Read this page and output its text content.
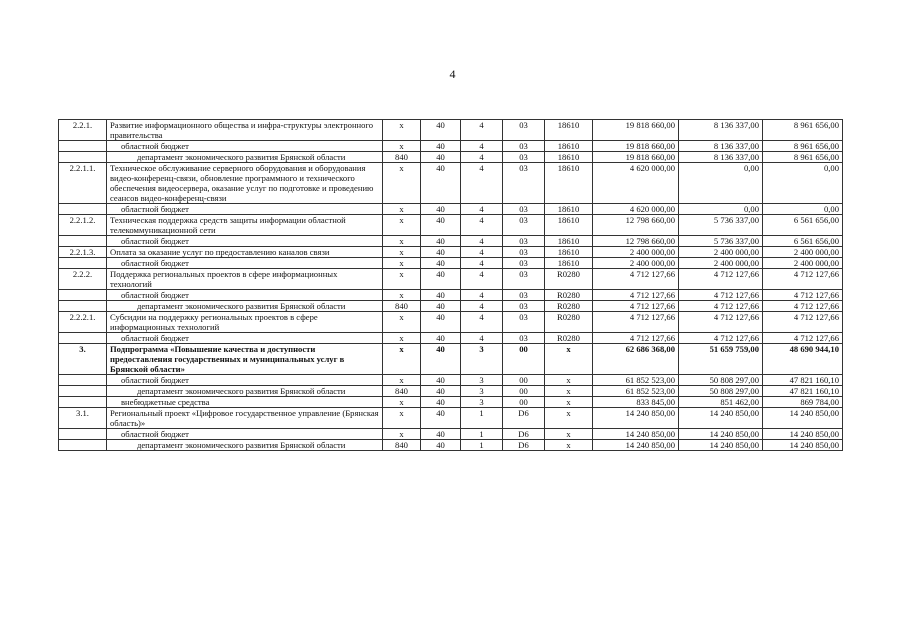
4
2.2.1.	Развитие информационного общества и инфра-структуры электронного правительства	x	40	4	03	18610	19 818 660,00	8 136 337,00	8 961 656,00
	областной бюджет	x	40	4	03	18610	19 818 660,00	8 136 337,00	8 961 656,00
	департамент экономического развития Брянской области	840	40	4	03	18610	19 818 660,00	8 136 337,00	8 961 656,00
2.2.1.1.	Техническое обслуживание серверного оборудования и оборудования видео-конференц-связи, обновление программного и технического обеспечения видеосервера, оказание услуг по подготовке и проведению сеансов видео-конференц-связи	x	40	4	03	18610	4 620 000,00	0,00	0,00
	областной бюджет	x	40	4	03	18610	4 620 000,00	0,00	0,00
2.2.1.2.	Техническая поддержка средств защиты информации областной телекоммуникационной сети	x	40	4	03	18610	12 798 660,00	5 736 337,00	6 561 656,00
	областной бюджет	x	40	4	03	18610	12 798 660,00	5 736 337,00	6 561 656,00
2.2.1.3.	Оплата за оказание услуг по предоставлению каналов связи	x	40	4	03	18610	2 400 000,00	2 400 000,00	2 400 000,00
	областной бюджет	x	40	4	03	18610	2 400 000,00	2 400 000,00	2 400 000,00
2.2.2.	Поддержка региональных проектов в сфере информационных технологий	x	40	4	03	R0280	4 712 127,66	4 712 127,66	4 712 127,66
	областной бюджет	x	40	4	03	R0280	4 712 127,66	4 712 127,66	4 712 127,66
	департамент экономического развития Брянской области	840	40	4	03	R0280	4 712 127,66	4 712 127,66	4 712 127,66
2.2.2.1.	Субсидии на поддержку региональных проектов в сфере информационных технологий	x	40	4	03	R0280	4 712 127,66	4 712 127,66	4 712 127,66
	областной бюджет	x	40	4	03	R0280	4 712 127,66	4 712 127,66	4 712 127,66
3.	Подпрограмма «Повышение качества и доступности предоставления государственных и муниципальных услуг в Брянской области»	x	40	3	00	x	62 686 368,00	51 659 759,00	48 690 944,10
	областной бюджет	x	40	3	00	x	61 852 523,00	50 808 297,00	47 821 160,10
	департамент экономического развития Брянской области	840	40	3	00	x	61 852 523,00	50 808 297,00	47 821 160,10
	внебюджетные средства	x	40	3	00	x	833 845,00	851 462,00	869 784,00
3.1.	Региональный проект «Цифровое государственное управление (Брянская область)»	x	40	1	D6	x	14 240 850,00	14 240 850,00	14 240 850,00
	областной бюджет	x	40	1	D6	x	14 240 850,00	14 240 850,00	14 240 850,00
	департамент экономического развития Брянской области	840	40	1	D6	x	14 240 850,00	14 240 850,00	14 240 850,00
